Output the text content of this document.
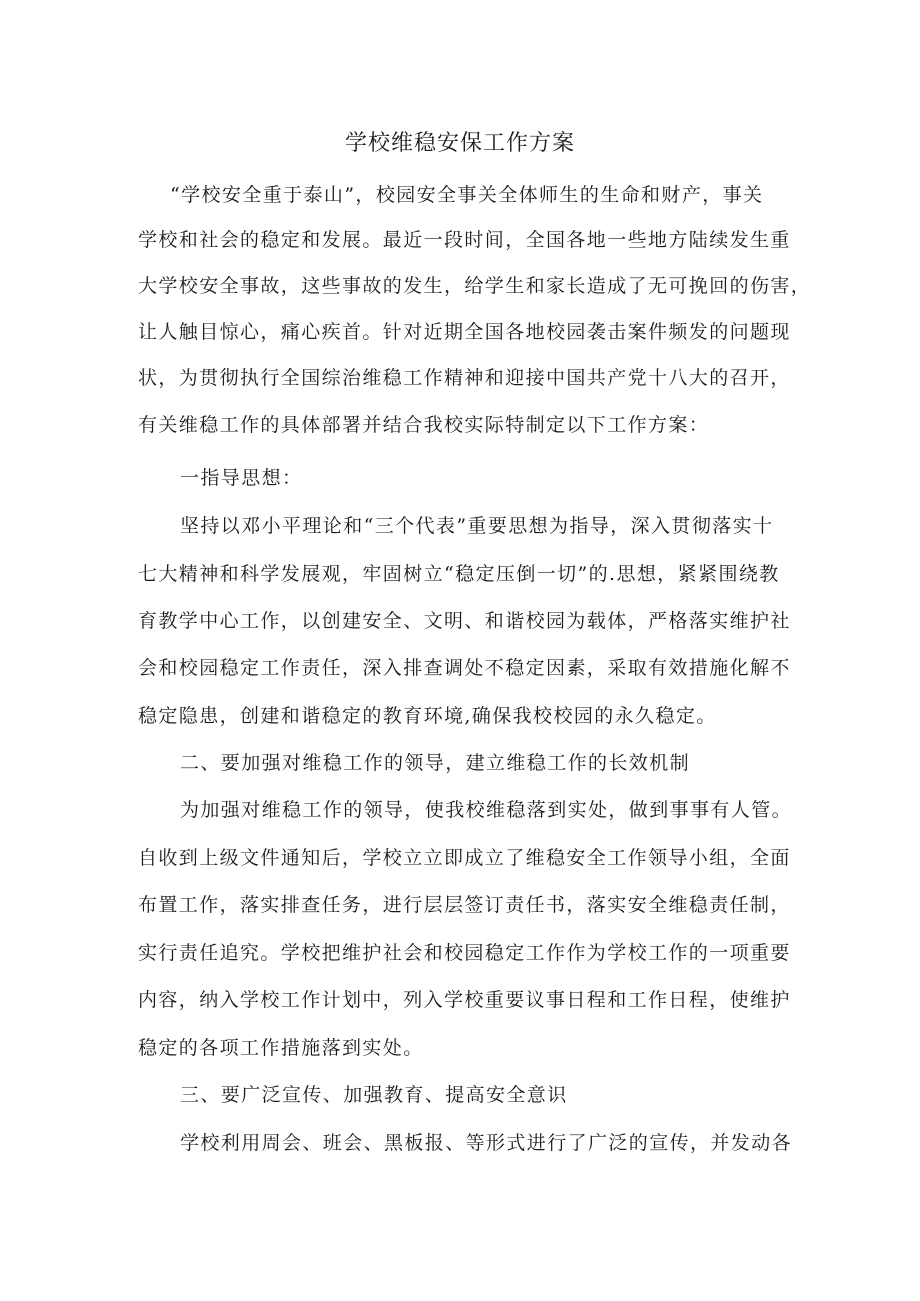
学校维稳安保工作方案
“学校安全重于泰山”，校园安全事关全体师生的生命和财产，事关
学校和社会的稳定和发展。最近一段时间，全国各地一些地方陆续发生重
大学校安全事故，这些事故的发生，给学生和家长造成了无可挽回的伤害，
让人触目惊心，痛心疾首。针对近期全国各地校园袭击案件频发的问题现
状，为贯彻执行全国综治维稳工作精神和迎接中国共产党十八大的召开，
有关维稳工作的具体部署并结合我校实际特制定以下工作方案：
一指导思想：
坚持以邓小平理论和“三个代表”重要思想为指导，深入贯彻落实十
七大精神和科学发展观，牢固树立“稳定压倒一切”的.思想，紧紧围绕教
育教学中心工作，以创建安全、文明、和谐校园为载体，严格落实维护社
会和校园稳定工作责任，深入排查调处不稳定因素，采取有效措施化解不
稳定隐患，创建和谐稳定的教育环境,确保我校校园的永久稳定。
二、要加强对维稳工作的领导，建立维稳工作的长效机制
为加强对维稳工作的领导，使我校维稳落到实处，做到事事有人管。
自收到上级文件通知后，学校立立即成立了维稳安全工作领导小组，全面
布置工作，落实排查任务，进行层层签订责任书，落实安全维稳责任制，
实行责任追究。学校把维护社会和校园稳定工作作为学校工作的一项重要
内容，纳入学校工作计划中，列入学校重要议事日程和工作日程，使维护
稳定的各项工作措施落到实处。
三、要广泛宣传、加强教育、提高安全意识
学校利用周会、班会、黑板报、等形式进行了广泛的宣传，并发动各
